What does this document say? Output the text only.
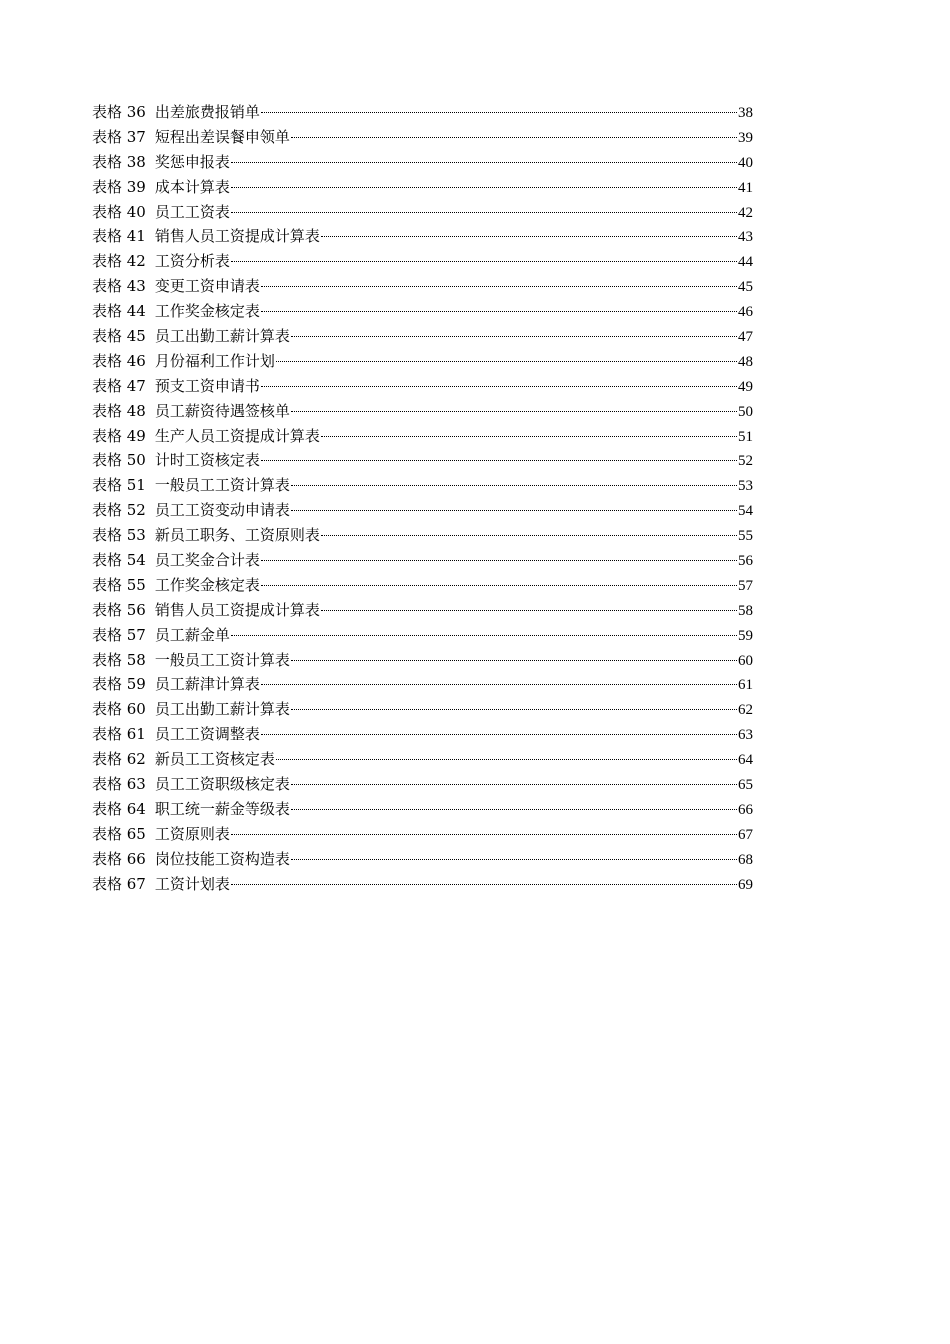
表格 36 出差旅费报销单	38
表格 37 短程出差误餐申领单	39
表格 38 奖惩申报表	40
表格 39 成本计算表	41
表格 40 员工工资表	42
表格 41 销售人员工资提成计算表	43
表格 42 工资分析表	44
表格 43 变更工资申请表	45
表格 44 工作奖金核定表	46
表格 45 员工出勤工薪计算表	47
表格 46 月份福利工作计划	48
表格 47 预支工资申请书	49
表格 48 员工薪资待遇签核单	50
表格 49 生产人员工资提成计算表	51
表格 50 计时工资核定表	52
表格 51 一般员工工资计算表	53
表格 52 员工工资变动申请表	54
表格 53 新员工职务、工资原则表	55
表格 54 员工奖金合计表	56
表格 55 工作奖金核定表	57
表格 56 销售人员工资提成计算表	58
表格 57 员工薪金单	59
表格 58 一般员工工资计算表	60
表格 59 员工薪津计算表	61
表格 60 员工出勤工薪计算表	62
表格 61 员工工资调整表	63
表格 62 新员工工资核定表	64
表格 63 员工工资职级核定表	65
表格 64 职工统一薪金等级表	66
表格 65 工资原则表	67
表格 66 岗位技能工资构造表	68
表格 67 工资计划表	69
